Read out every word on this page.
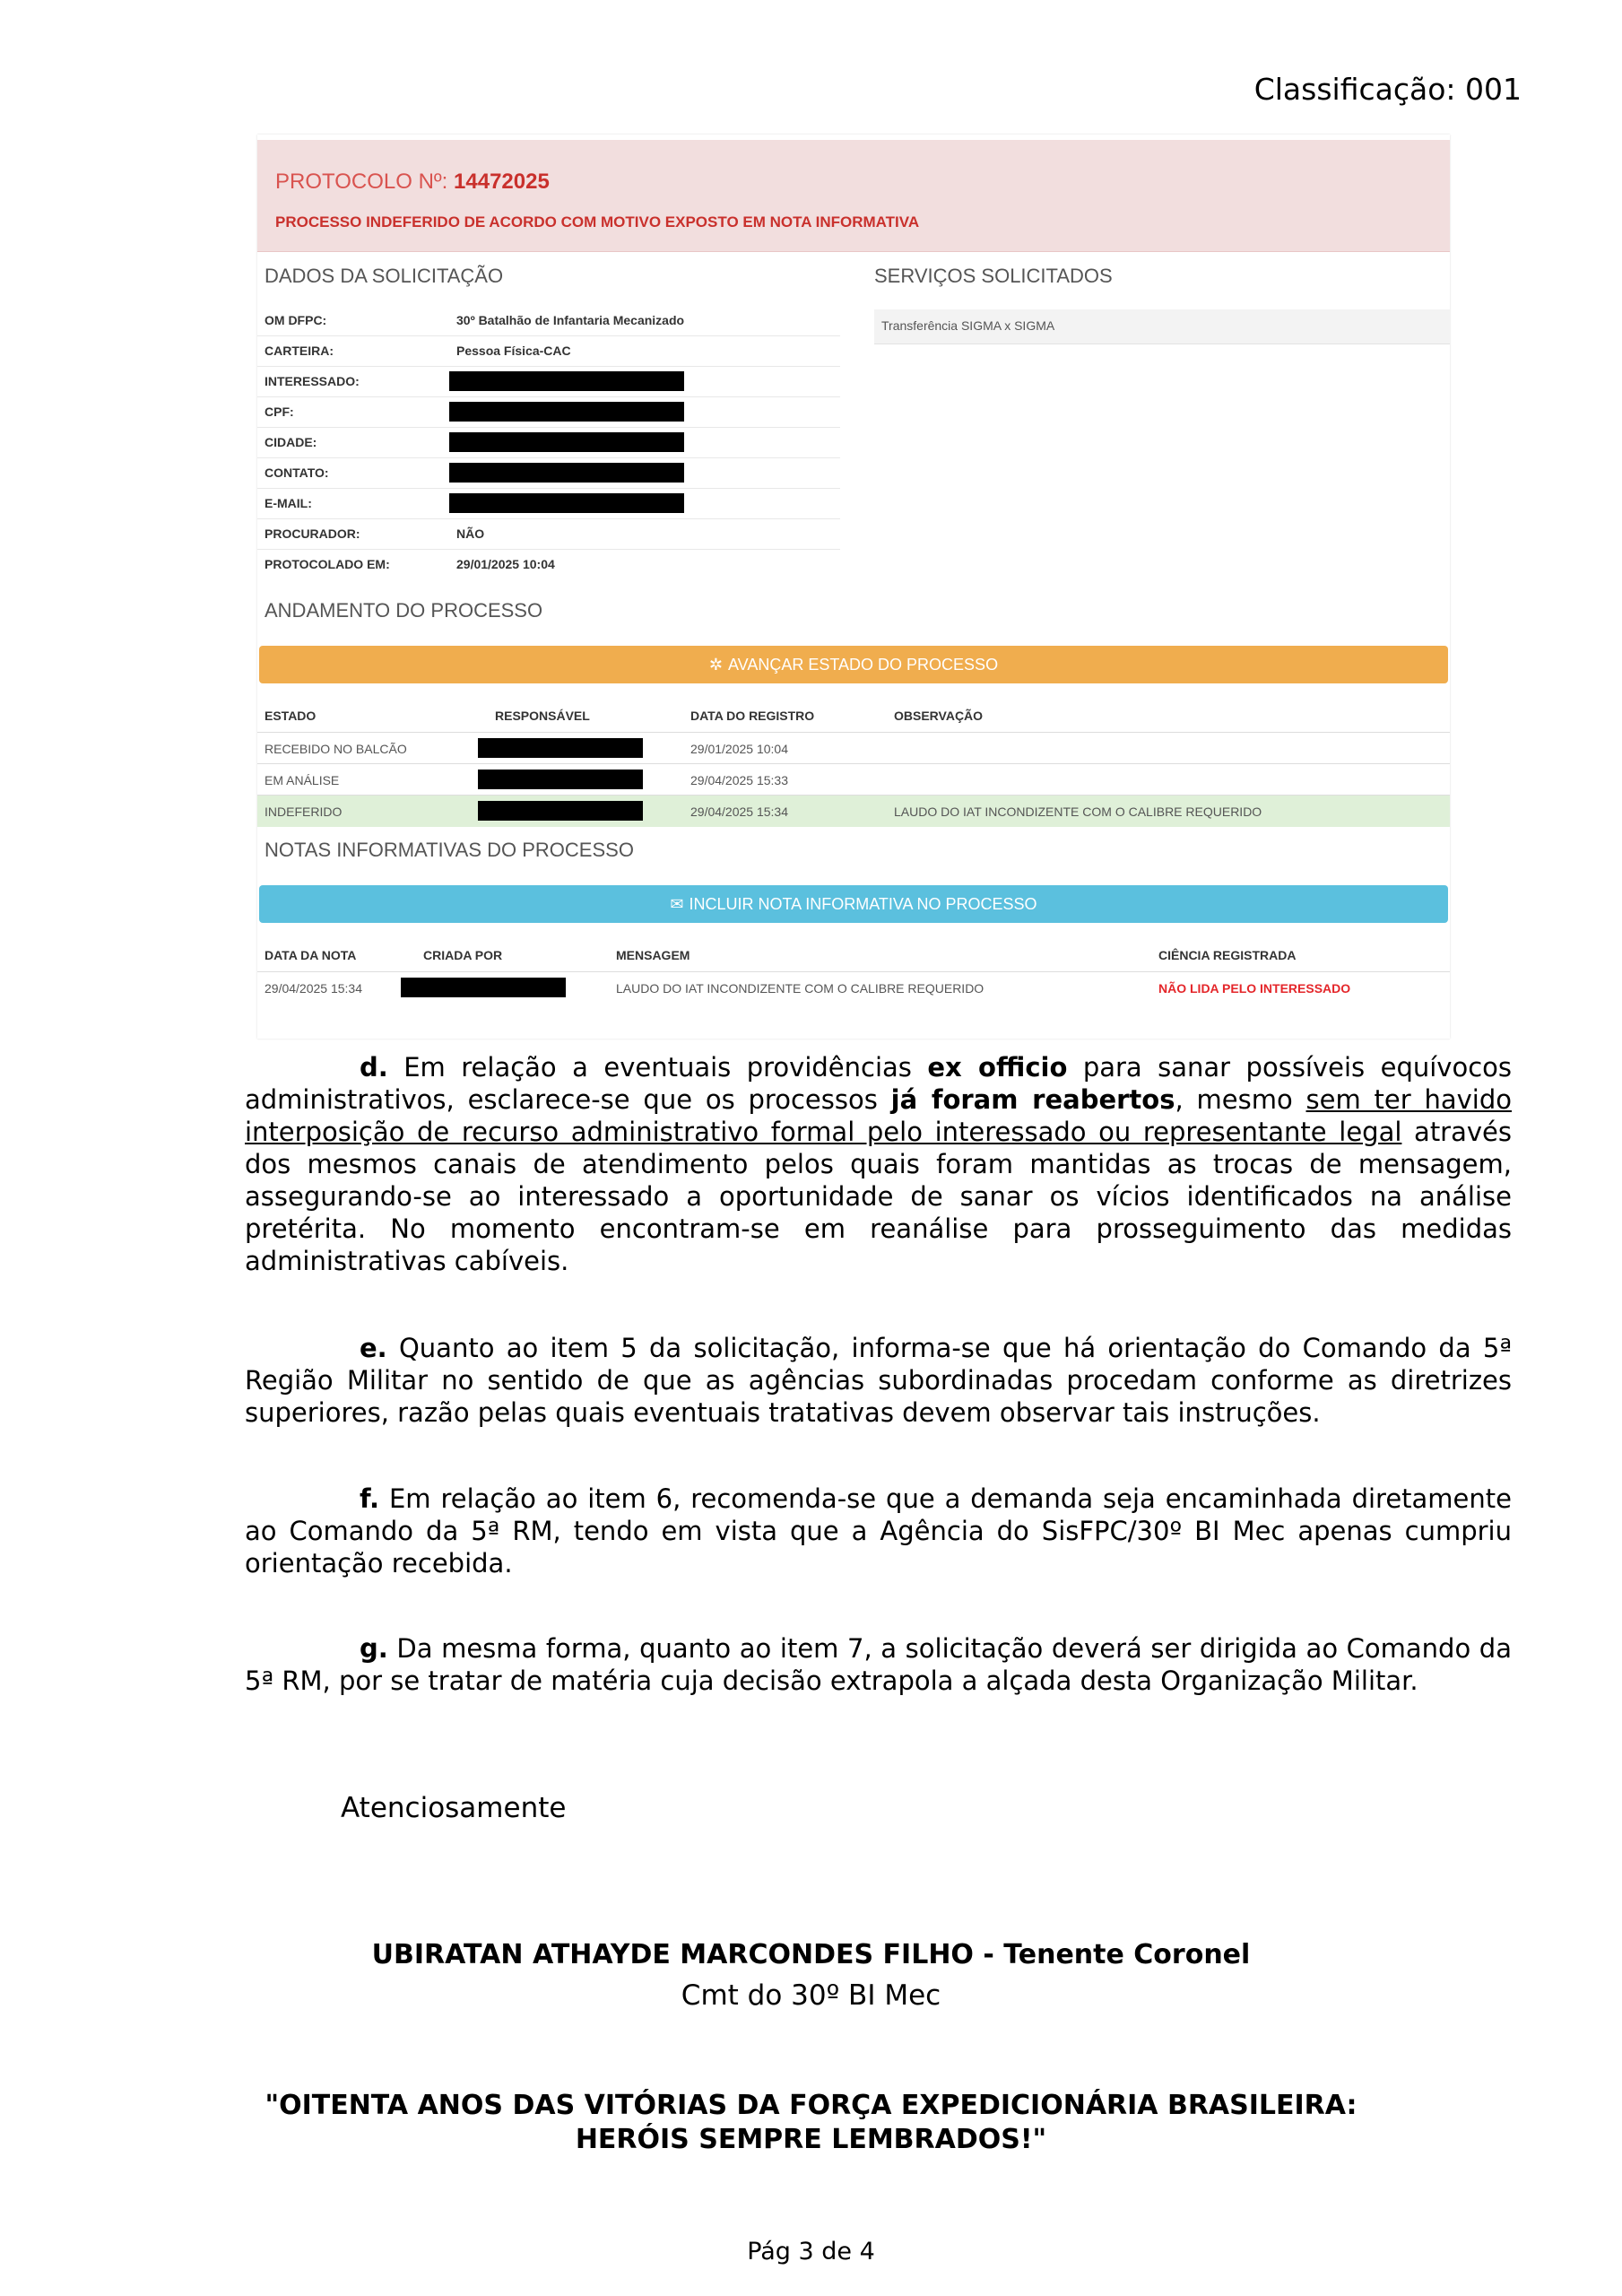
Classificação: 001
PROTOCOLO Nº: 14472025
PROCESSO INDEFERIDO DE ACORDO COM MOTIVO EXPOSTO EM NOTA INFORMATIVA
DADOS DA SOLICITAÇÃO	SERVIÇOS SOLICITADOS
OM DFPC:	30º Batalhão de Infantaria Mecanizado
CARTEIRA:	Pessoa Física-CAC
INTERESSADO:
CPF:
CIDADE:
CONTATO:
E-MAIL:
PROCURADOR:	NÃO
PROTOCOLADO EM:	29/01/2025 10:04
Transferência SIGMA x SIGMA
ANDAMENTO DO PROCESSO
✲ AVANÇAR ESTADO DO PROCESSO
ESTADO	RESPONSÁVEL	DATA DO REGISTRO	OBSERVAÇÃO
RECEBIDO NO BALCÃO	29/01/2025 10:04
EM ANÁLISE	29/04/2025 15:33
INDEFERIDO	29/04/2025 15:34	LAUDO DO IAT INCONDIZENTE COM O CALIBRE REQUERIDO
NOTAS INFORMATIVAS DO PROCESSO
✉ INCLUIR NOTA INFORMATIVA NO PROCESSO
DATA DA NOTA	CRIADA POR	MENSAGEM	CIÊNCIA REGISTRADA
29/04/2025 15:34	LAUDO DO IAT INCONDIZENTE COM O CALIBRE REQUERIDO	NÃO LIDA PELO INTERESSADO
d. Em relação a eventuais providências ex officio para sanar possíveis equívocos administrativos, esclarece-se que os processos já foram reabertos, mesmo sem ter havido interposição de recurso administrativo formal pelo interessado ou representante legal através dos mesmos canais de atendimento pelos quais foram mantidas as trocas de mensagem, assegurando-se ao interessado a oportunidade de sanar os vícios identificados na análise pretérita. No momento encontram-se em reanálise para prosseguimento das medidas administrativas cabíveis.
e. Quanto ao item 5 da solicitação, informa-se que há orientação do Comando da 5ª Região Militar no sentido de que as agências subordinadas procedam conforme as diretrizes superiores, razão pelas quais eventuais tratativas devem observar tais instruções.
f. Em relação ao item 6, recomenda-se que a demanda seja encaminhada diretamente ao Comando da 5ª RM, tendo em vista que a Agência do SisFPC/30º BI Mec apenas cumpriu orientação recebida.
g. Da mesma forma, quanto ao item 7, a solicitação deverá ser dirigida ao Comando da 5ª RM, por se tratar de matéria cuja decisão extrapola a alçada desta Organização Militar.
Atenciosamente
UBIRATAN ATHAYDE MARCONDES FILHO - Tenente Coronel
Cmt do 30º BI Mec
"OITENTA ANOS DAS VITÓRIAS DA FORÇA EXPEDICIONÁRIA BRASILEIRA:
HERÓIS SEMPRE LEMBRADOS!"
Pág 3 de 4
